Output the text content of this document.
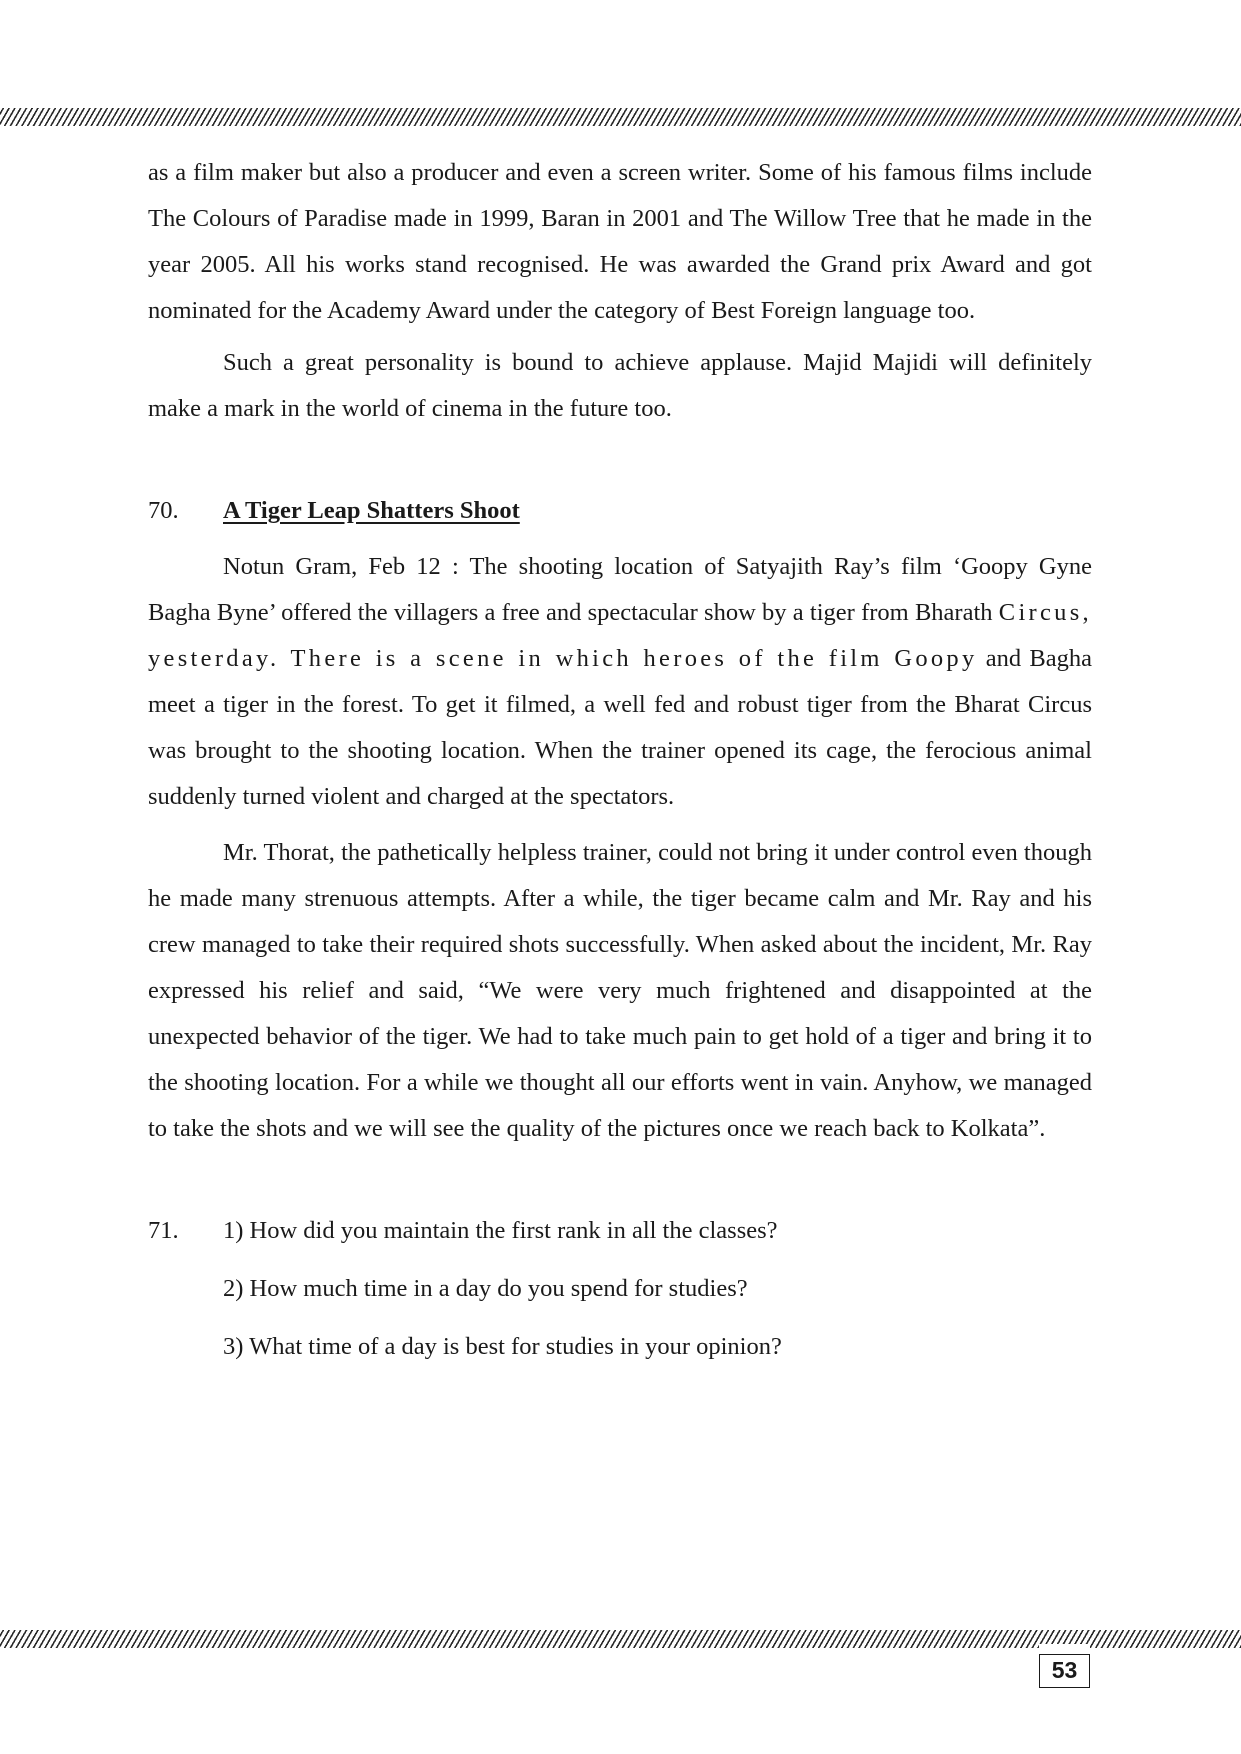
as a film maker but also a producer and even a screen writer. Some of his famous films include The Colours of Paradise made in 1999, Baran in 2001 and The Willow Tree that he made in the year 2005. All his works stand recognised. He was awarded the Grand prix Award and got nominated for the Academy Award under the category of Best Foreign language too.

Such a great personality is bound to achieve applause. Majid Majidi will definitely make a mark in the world of cinema in the future too.

70.	A Tiger Leap Shatters Shoot

Notun Gram, Feb 12 : The shooting location of Satyajith Ray’s film ‘Goopy Gyne Bagha Byne’ offered the villagers a free and spectacular show by a tiger from Bharath Circus, yesterday. There is a scene in which heroes of the film Goopy and Bagha meet a tiger in the forest. To get it filmed, a well fed and robust tiger from the Bharat Circus was brought to the shooting location. When the trainer opened its cage, the ferocious animal suddenly turned violent and charged at the spectators.

Mr. Thorat, the pathetically helpless trainer, could not bring it under control even though he made many strenuous attempts. After a while, the tiger became calm and Mr. Ray and his crew managed to take their required shots successfully. When asked about the incident, Mr. Ray expressed his relief and said, “We were very much frightened and disappointed at the unexpected behavior of the tiger. We had to take much pain to get hold of a tiger and bring it to the shooting location. For a while we thought all our efforts went in vain. Anyhow, we managed to take the shots and we will see the quality of the pictures once we reach back to Kolkata”.

71.	1) How did you maintain the first rank in all the classes?
2) How much time in a day do you spend for studies?
3) What time of a day is best for studies in your opinion?
53
